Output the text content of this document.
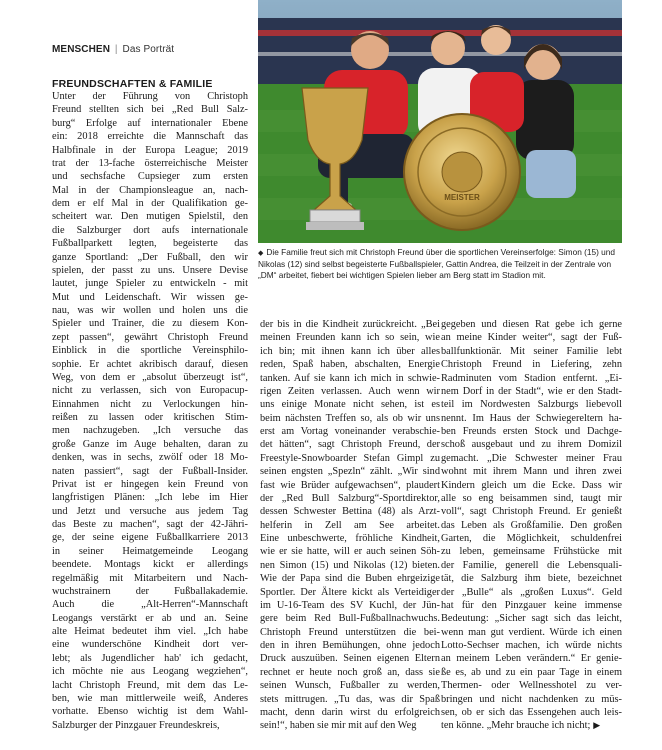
MENSCHEN | Das Porträt
MEISTER
◆ Die Familie freut sich mit Christoph Freund über die sportlichen Vereinserfolge: Simon (15) und Nikolas (12) sind selbst begeisterte Fußballspieler, Gattin Andrea, die Teilzeit in der Zentrale von „DM“ arbeitet, fiebert bei wichtigen Spielen lieber am Berg statt im Stadion mit.
FREUNDSCHAFTEN & FAMILIE
Unter der Führung von Christoph
Freund stellten sich bei „Red Bull Salz-
burg“ Erfolge auf internationaler Ebene
ein: 2018 erreichte die Mannschaft das
Halbfinale in der Europa League; 2019
trat der 13-fache österreichische Meister
und sechsfache Cupsieger zum ersten
Mal in der Championsleague an, nach-
dem er elf Mal in der Qualifikation ge-
scheitert war. Den mutigen Spielstil, den
die Salzburger dort aufs internationale
Fußballparkett legten, begeisterte das
ganze Sportland: „Der Fußball, den wir
spielen, der passt zu uns. Unsere Devise
lautet, junge Spieler zu entwickeln - mit
Mut und Leidenschaft. Wir wissen ge-
nau, was wir wollen und holen uns die
Spieler und Trainer, die zu diesem Kon-
zept passen“, gewährt Christoph Freund
Einblick in die sportliche Vereinsphilo-
sophie. Er achtet akribisch darauf, diesen
Weg, von dem er „absolut überzeugt ist“,
nicht zu verlassen, sich von Europacup-
Einnahmen nicht zu Verlockungen hin-
reißen zu lassen oder kritischen Stim-
men nachzugeben. „Ich versuche das
große Ganze im Auge behalten, daran zu
denken, was in sechs, zwölf oder 18 Mo-
naten passiert“, sagt der Fußball-Insider.
Privat ist er hingegen kein Freund von
langfristigen Plänen: „Ich lebe im Hier
und Jetzt und versuche aus jedem Tag
das Beste zu machen“, sagt der 42-Jähri-
ge, der seine eigene Fußballkarriere 2013
in seiner Heimatgemeinde Leogang
beendete. Montags kickt er allerdings
regelmäßig mit Mitarbeitern und Nach-
wuchstrainern der Fußballakademie.
Auch die „Alt-Herren“-Mannschaft
Leogangs verstärkt er ab und an. Seine
alte Heimat bedeutet ihm viel. „Ich habe
eine wunderschöne Kindheit dort ver-
lebt; als Jugendlicher hab' ich gedacht,
ich möchte nie aus Leogang wegziehen“,
lacht Christoph Freund, mit dem das Le-
ben, wie man mittlerweile weiß, Anderes
vorhatte. Ebenso wichtig ist dem Wahl-
Salzburger der Pinzgauer Freundeskreis,
der bis in die Kindheit zurückreicht. „Bei
meinen Freunden kann ich so sein, wie
ich bin; mit ihnen kann ich über alles
reden, Spaß haben, abschalten, Energie
tanken. Auf sie kann ich mich in schwie-
rigen Zeiten verlassen. Auch wenn wir
uns einige Monate nicht sehen, ist es
beim nächsten Treffen so, als ob wir uns
erst am Vortag voneinander verabschie-
det hätten“, sagt Christoph Freund, der
Freestyle-Snowboarder Stefan Gimpl zu
seinen engsten „Spezln“ zählt. „Wir sind
fast wie Brüder aufgewachsen“, plaudert
der „Red Bull Salzburg“-Sportdirektor,
dessen Schwester Bettina (48) als Arzt-
helferin in Zell am See arbeitet.
Eine unbeschwerte, fröhliche Kindheit,
wie er sie hatte, will er auch seinen Söh-
nen Simon (15) und Nikolas (12) bieten.
Wie der Papa sind die Buben ehrgeizige
Sportler. Der Ältere kickt als Verteidiger
im U-16-Team des SV Kuchl, der Jün-
gere beim Red Bull-Fußballnachwuchs.
Christoph Freund unterstützen die bei-
den in ihren Bemühungen, ohne jedoch
Druck auszuüben. Seinen eigenen Eltern
rechnet er heute noch groß an, dass sie
seinen Wunsch, Fußballer zu werden,
stets mittrugen. „Tu das, was dir Spaß
macht, denn darin wirst du erfolgreich
sein!“, haben sie mir mit auf den Weg
gegeben und diesen Rat gebe ich gerne
an meine Kinder weiter“, sagt der Fuß-
ballfunktionär. Mit seiner Familie lebt
Christoph Freund in Liefering, zehn
Radminuten vom Stadion entfernt. „Ei-
nem Dorf in der Stadt“, wie er den Stadt-
teil im Nordwesten Salzburgs liebevoll
nennt. Im Haus der Schwiegereltern ha-
ben Freunds ersten Stock und Dachge-
schoß ausgebaut und zu ihrem Domizil
gemacht. „Die Schwester meiner Frau
wohnt mit ihrem Mann und ihren zwei
Kindern gleich um die Ecke. Dass wir
alle so eng beisammen sind, taugt mir
voll“, sagt Christoph Freund. Er genießt
das Leben als Großfamilie. Den großen
Garten, die Möglichkeit, schuldenfrei
zu leben, gemeinsame Frühstücke mit
der Familie, generell die Lebensquali-
tät, die Salzburg ihm biete, bezeichnet
der „Bulle“ als „großen Luxus“. Geld
hat für den Pinzgauer keine immense
Bedeutung: „Sicher sagt sich das leicht,
wenn man gut verdient. Würde ich einen
Lotto-Sechser machen, ich würde nichts
an meinem Leben verändern.“ Er genie-
ße es, ab und zu ein paar Tage in einem
Thermen- oder Wellnesshotel zu ver-
bringen und nicht nachdenken zu müs-
sen, ob er sich das Essengehen auch leis-
ten könne. „Mehr brauche ich nicht; ▶
